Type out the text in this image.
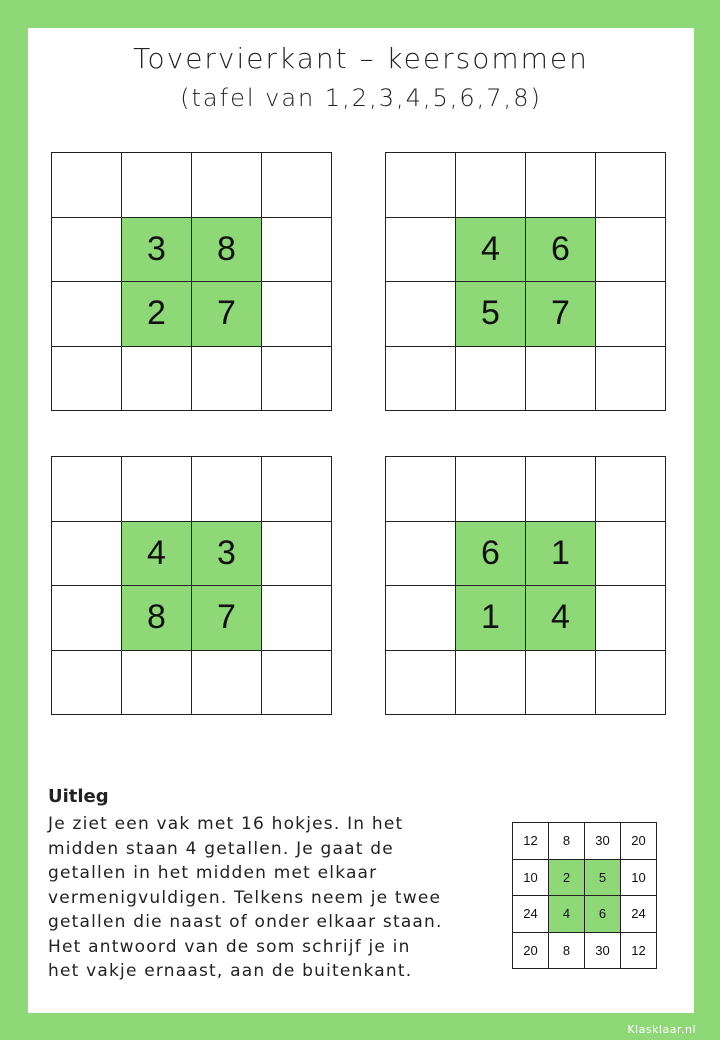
Tovervierkant – keersommen
(tafel van 1,2,3,4,5,6,7,8)
3	8
2	7
4	6
5	7
4	3
8	7
6	1
1	4
Uitleg
Je ziet een vak met 16 hokjes. In het
midden staan 4 getallen. Je gaat de
getallen in het midden met elkaar
vermenigvuldigen. Telkens neem je twee
getallen die naast of onder elkaar staan.
Het antwoord van de som schrijf je in
het vakje ernaast, aan de buitenkant.
12	8	30	20
10	2	5	10
24	4	6	24
20	8	30	12
Klasklaar.nl
